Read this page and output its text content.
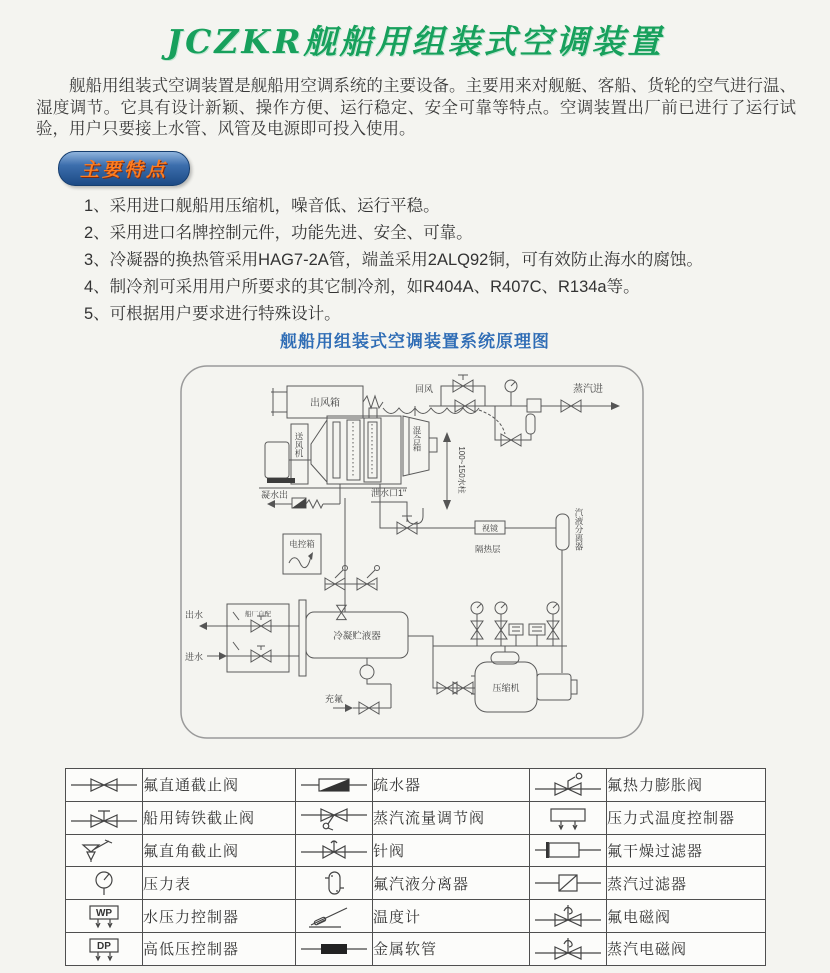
JCZKR舰船用组装式空调装置
舰船用组装式空调装置是舰船用空调系统的主要设备。主要用来对舰艇、客船、货轮的空气进行温、湿度调节。它具有设计新颖、操作方便、运行稳定、安全可靠等特点。空调装置出厂前已进行了运行试验，用户只要接上水管、风管及电源即可投入使用。
主要特点
1、采用进口舰船用压缩机，噪音低、运行平稳。
2、采用进口名牌控制元件，功能先进、安全、可靠。
3、冷凝器的换热管采用HAG7-2A管，端盖采用2ALQ92铜，可有效防止海水的腐蚀。
4、制冷剂可采用用户所要求的其它制冷剂，如R404A、R407C、R134a等。
5、可根据用户要求进行特殊设计。
舰船用组装式空调装置系统原理图
出风箱
送风机	混合箱
回风	蒸汽进
凝水出	泄水口1"	100~150水柱
电控箱
视镜
隔热层	汽液分离器
船厂自配
出水
进水
冷凝贮液器
充氟
压缩机
	氟直通截止阀		疏水器		氟热力膨胀阀

	船用铸铁截止阀		蒸汽流量调节阀		压力式温度控制器

	氟直角截止阀		针阀		氟干燥过滤器

	压力表		氟汽液分离器		蒸汽过滤器

WP	水压力控制器		温度计		氟电磁阀

DP	高低压控制器		金属软管		蒸汽电磁阀
